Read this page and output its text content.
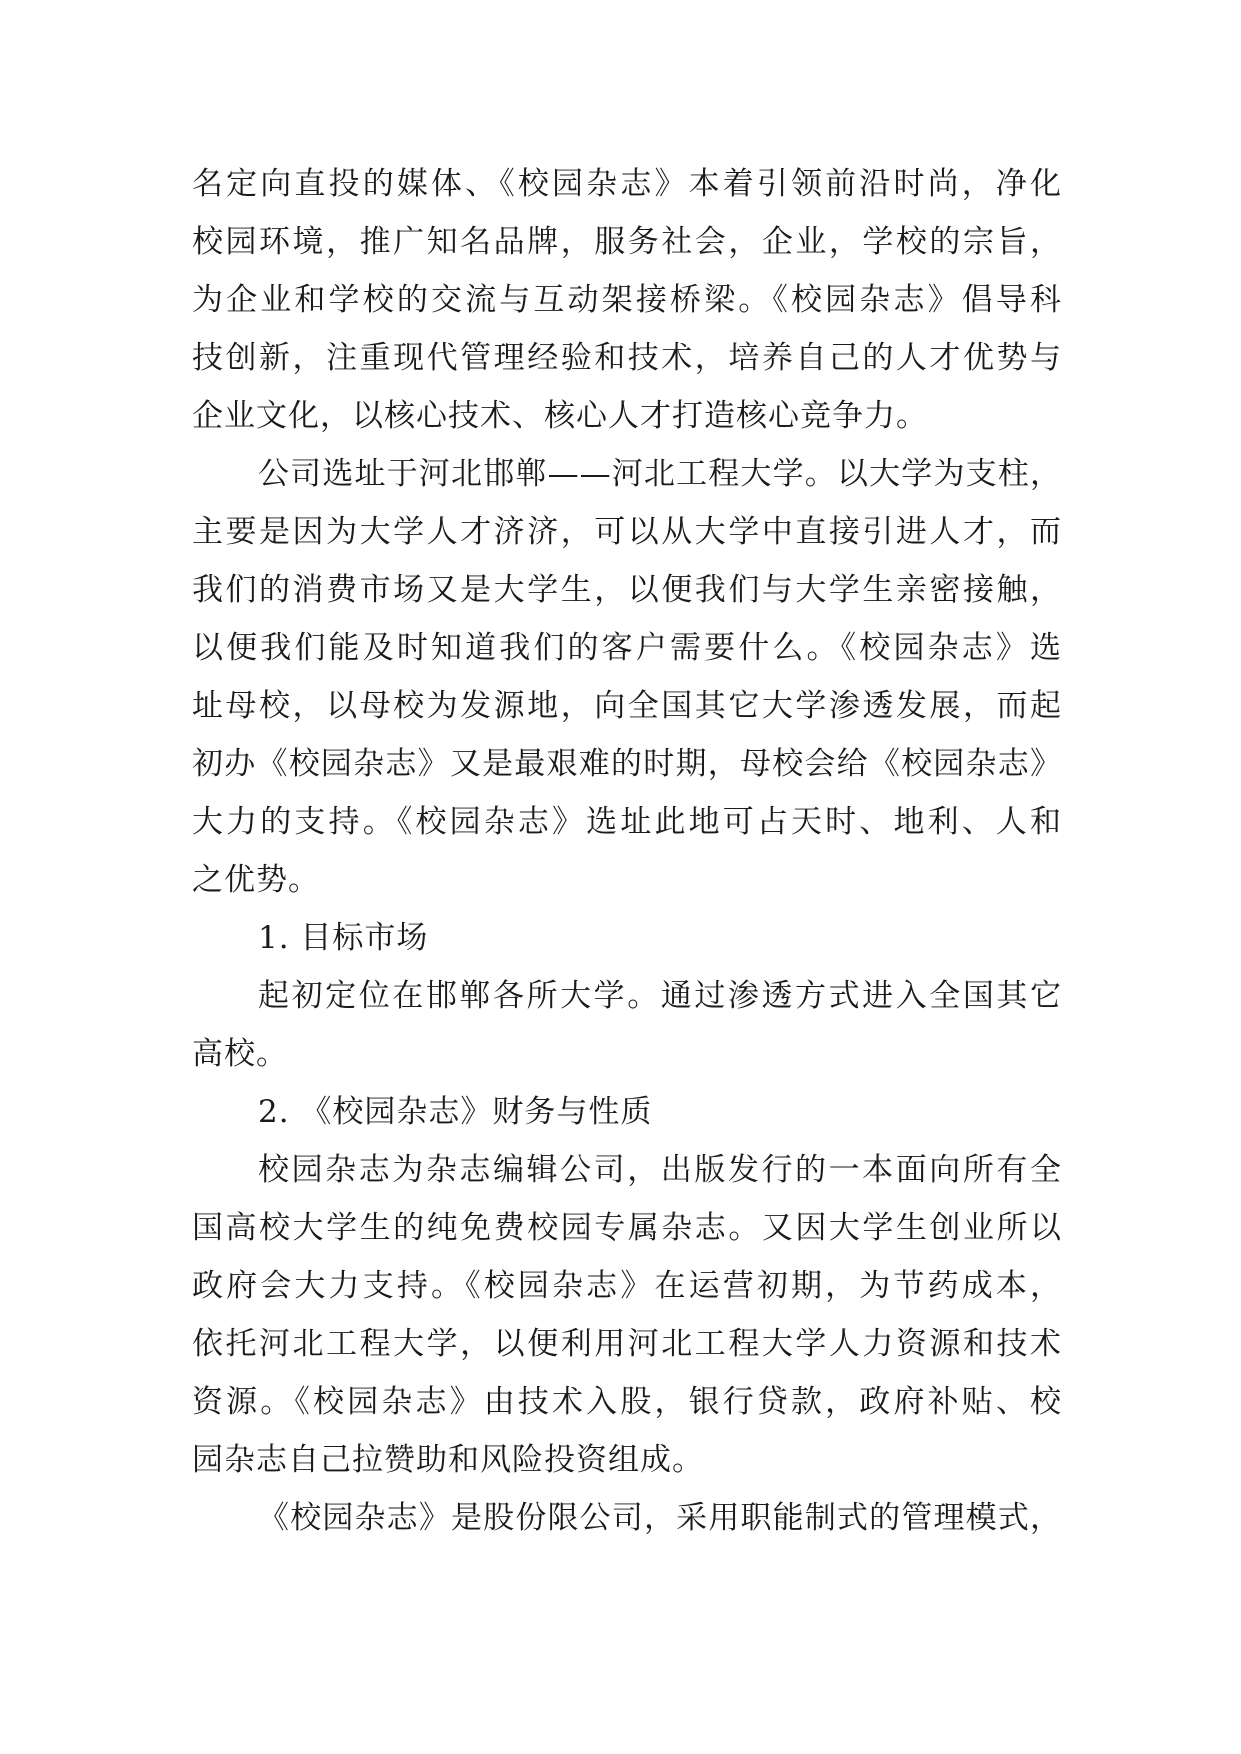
名定向直投的媒体、《校园杂志》本着引领前沿时尚，净化
校园环境，推广知名品牌，服务社会，企业，学校的宗旨，
为企业和学校的交流与互动架接桥梁。《校园杂志》倡导科
技创新，注重现代管理经验和技术，培养自己的人才优势与
企业文化，以核心技术、核心人才打造核心竞争力。
公司选址于河北邯郸——河北工程大学。以大学为支柱，
主要是因为大学人才济济，可以从大学中直接引进人才，而
我们的消费市场又是大学生，以便我们与大学生亲密接触，
以便我们能及时知道我们的客户需要什么。《校园杂志》选
址母校，以母校为发源地，向全国其它大学渗透发展，而起
初办《校园杂志》又是最艰难的时期，母校会给《校园杂志》
大力的支持。《校园杂志》选址此地可占天时、地利、人和
之优势。
1. 目标市场
起初定位在邯郸各所大学。通过渗透方式进入全国其它
高校。
2. 《校园杂志》财务与性质
校园杂志为杂志编辑公司，出版发行的一本面向所有全
国高校大学生的纯免费校园专属杂志。又因大学生创业所以
政府会大力支持。《校园杂志》在运营初期，为节药成本，
依托河北工程大学，以便利用河北工程大学人力资源和技术
资源。《校园杂志》由技术入股，银行贷款，政府补贴、校
园杂志自己拉赞助和风险投资组成。
《校园杂志》是股份限公司，采用职能制式的管理模式，
